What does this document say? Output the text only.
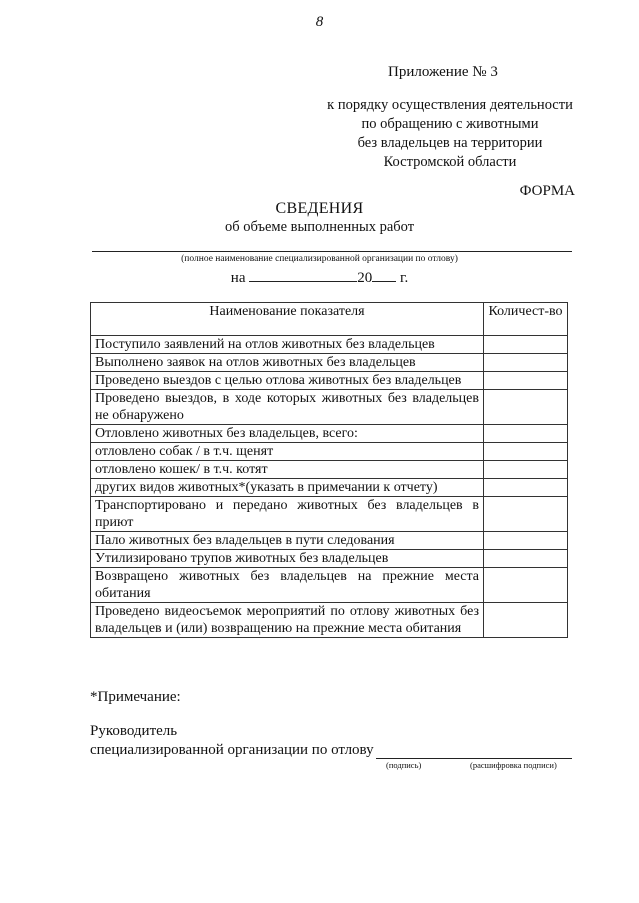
8
Приложение № 3
к порядку осуществления деятельности
по обращению с животными
без владельцев на территории
Костромской области
ФОРМА
СВЕДЕНИЯ
об объеме выполненных работ
(полное наименование специализированной организации по отлову)
на	20 г.
Наименование показателя	Количест-во
Поступило заявлений на отлов животных без владельцев	
Выполнено заявок на отлов животных без владельцев	
Проведено выездов с целью отлова животных без владельцев	
Проведено выездов, в ходе которых животных без владельцев не обнаружено	
Отловлено животных без владельцев, всего:	
отловлено собак / в т.ч. щенят	
отловлено кошек/ в т.ч. котят	
других видов животных*(указать в примечании к отчету)	
Транспортировано и передано животных без владельцев в приют	
Пало животных без владельцев в пути следования	
Утилизировано трупов животных без владельцев	
Возвращено животных без владельцев на прежние места обитания	
Проведено видеосъемок мероприятий по отлову животных без владельцев и (или) возвращению на прежние места обитания	
*Примечание:
Руководитель
специализированной организации по отлову
(подпись)	(расшифровка подписи)
